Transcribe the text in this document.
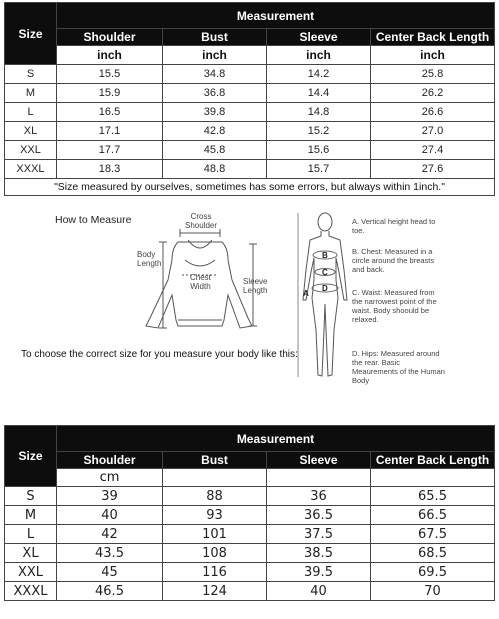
Size	Measurement			
	Shoulder	Bust	Sleeve	Center Back Length
	inch	inch	inch	inch
S	15.5	34.8	14.2	25.8
M	15.9	36.8	14.4	26.2
L	16.5	39.8	14.8	26.6
XL	17.1	42.8	15.2	27.0
XXL	17.7	45.8	15.6	27.4
XXXL	18.3	48.8	15.7	27.6
"Size measured by ourselves, sometimes has some errors, but always within 1inch."				
How to Measure	Cross
Shoulder
Body
Length
Chest
Width
Sleeve
Length
To choose the correct size for you measure your body like this:
B
C
D
A
A. Vertical height head to toe.
B. Chest: Measured in a circle around the breasts and back.
C. Waist: Measured from the narrowest point of the waist. Body shoould be relaxed.
D. Hips: Measured around the rear. Basic Meaurements of the Human Body
Size	Measurement			
	Shoulder	Bust	Sleeve	Center Back Length
	cm			
S	39	88	36	65.5
M	40	93	36.5	66.5
L	42	101	37.5	67.5
XL	43.5	108	38.5	68.5
XXL	45	116	39.5	69.5
XXXL	46.5	124	40	70
